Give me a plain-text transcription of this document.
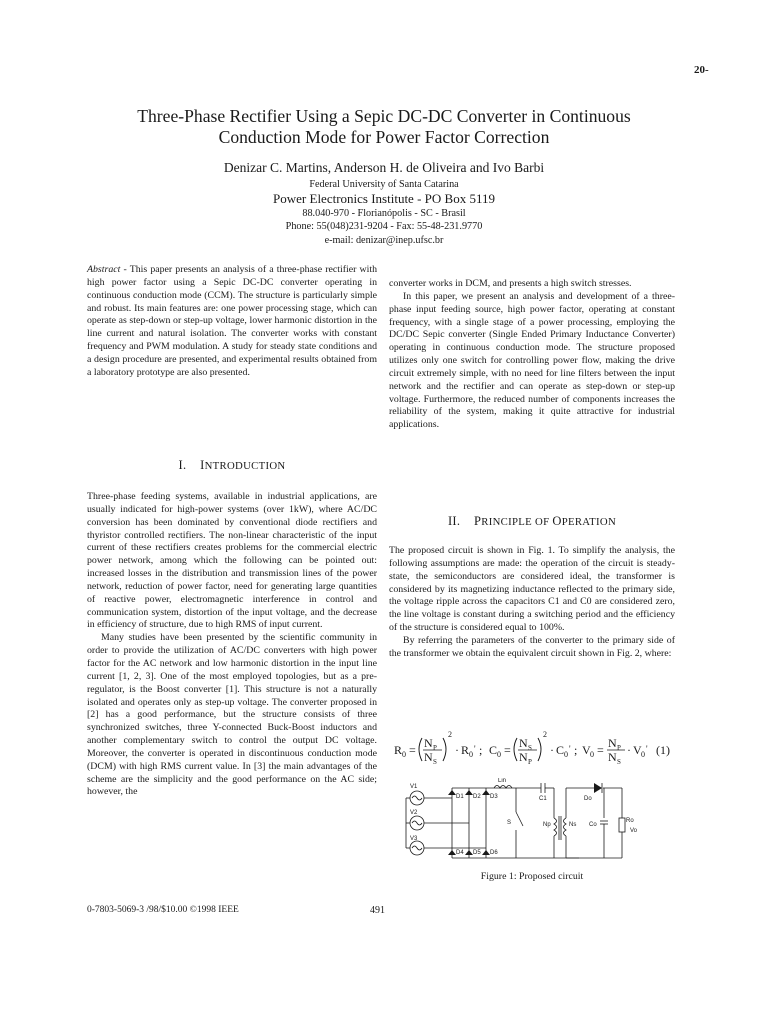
20-
Three-Phase Rectifier Using a Sepic DC-DC Converter in Continuous
Conduction Mode for Power Factor Correction
Denizar C. Martins, Anderson H. de Oliveira and Ivo Barbi
Federal University of Santa Catarina
Power Electronics Institute - PO Box 5119
88.040-970 - Florianópolis - SC - Brasil
Phone: 55(048)231-9204 - Fax: 55-48-231.9770
e-mail: denizar@inep.ufsc.br

Abstract - This paper presents an analysis of a three-phase rectifier with high power factor using a Sepic DC-DC converter operating in continuous conduction mode (CCM). The structure is particularly simple and robust. Its main features are: one power processing stage, which can operate as step-down or step-up voltage, lower harmonic distortion in the line current and natural isolation. The converter works with constant frequency and PWM modulation. A study for steady state conditions and a design procedure are presented, and experimental results obtained from a laboratory prototype are also presented.

I. INTRODUCTION

Three-phase feeding systems, available in industrial applications, are usually indicated for high-power systems (over 1kW), where AC/DC conversion has been dominated by conventional diode rectifiers and thyristor controlled rectifiers. The non-linear characteristic of the input current of these rectifiers creates problems for the commercial electric power network, among which the following can be pointed out: increased losses in the distribution and transmission lines of the power network, reduction of power factor, need for generating large quantities of reactive power, electromagnetic interference in control and communication system, distortion of the input voltage, and the decrease in efficiency of structure, due to high RMS of input current.

Many studies have been presented by the scientific community in order to provide the utilization of AC/DC converters with high power factor for the AC network and low harmonic distortion in the input line current [1, 2, 3]. One of the most employed topologies, but as a pre-regulator, is the Boost converter [1]. This structure is not a naturally isolated and operates only as step-up voltage. The converter proposed in [2] has a good performance, but the structure consists of three synchronized switches, three Y-connected Buck-Boost inductors and another complementary switch to control the output DC voltage. Moreover, the converter is operated in discontinuous conduction mode (DCM) with high RMS current value. In [3] the main advantages of the scheme are the simplicity and the good performance on the AC side; however, the

converter works in DCM, and presents a high switch stresses.

In this paper, we present an analysis and development of a three-phase input feeding source, high power factor, operating at constant frequency, with a single stage of a power processing, employing the DC/DC Sepic converter (Single Ended Primary Inductance Converter) operating in continuous conduction mode. The structure proposed utilizes only one switch for controlling power flow, making the drive circuit extremely simple, with no need for line filters between the input network and the rectifier and can operate as step-down or step-up voltage. Furthermore, the reduced number of components increases the reliability of the system, making it quite attractive for industrial applications.

II. PRINCIPLE OF OPERATION

The proposed circuit is shown in Fig. 1. To simplify the analysis, the following assumptions are made: the operation of the circuit is steady-state, the semiconductors are considered ideal, the transformer is considered by its magnetizing inductance reflected to the primary side, the voltage ripple across the capacitors C1 and C0 are considered zero, the line voltage is constant during a switching period and the efficiency of the structure is considered equal to 100%.

By referring the parameters of the converter to the primary side of the transformer we obtain the equivalent circuit shown in Fig. 2, where:

R 0 = N P
N S
2
· R 0
' ; C 0 = N S
N P
2
· C 0
' ; V 0 = N P
N S
· V 0
' (1)
V1
V2
V3
D1 D2 D3
D4 D5 D6
Lin
C1	Do
S	Np	Ns Co
Ro
Vo
Figure 1: Proposed circuit
0-7803-5069-3 /98/$10.00 ©1998 IEEE	491
